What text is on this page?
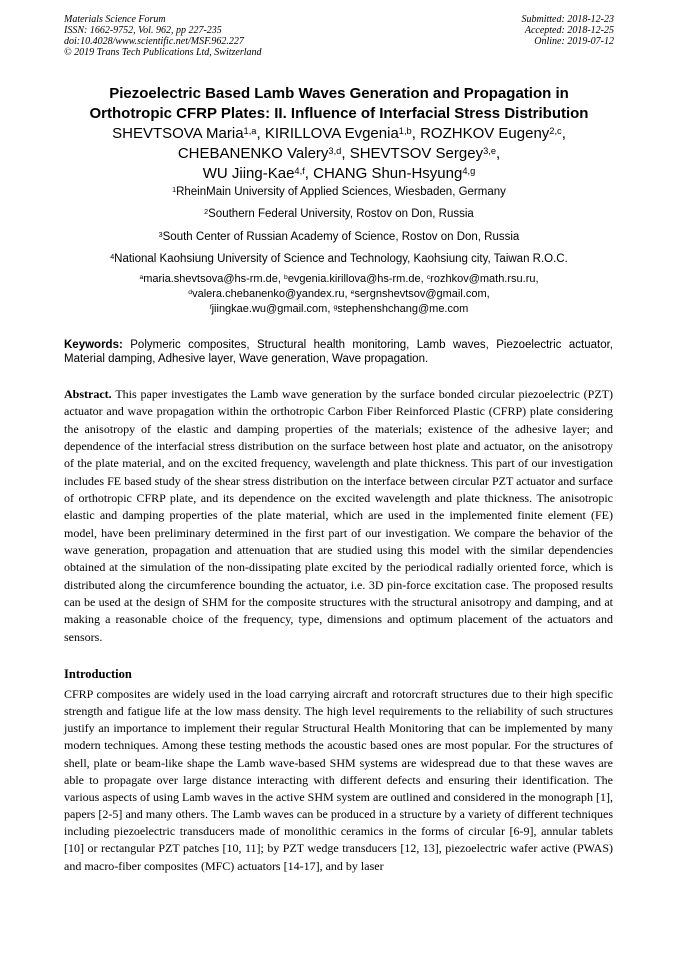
Materials Science Forum
ISSN: 1662-9752, Vol. 962, pp 227-235
doi:10.4028/www.scientific.net/MSF.962.227
© 2019 Trans Tech Publications Ltd, Switzerland
Submitted: 2018-12-23
Accepted: 2018-12-25
Online: 2019-07-12
Piezoelectric Based Lamb Waves Generation and Propagation in
Orthotropic CFRP Plates: II. Influence of Interfacial Stress Distribution
SHEVTSOVA Maria$^{1,a}$, KIRILLOVA Evgenia$^{1,b}$, ROZHKOV Eugeny$^{2,c}$,
CHEBANENKO Valery$^{3,d}$, SHEVTSOV Sergey$^{3,e}$,
WU Jiing-Kae$^{4,f}$, CHANG Shun-Hsyung$^{4,g}$
$^1$RheinMain University of Applied Sciences, Wiesbaden, Germany
$^2$Southern Federal University, Rostov on Don, Russia
$^3$South Center of Russian Academy of Science, Rostov on Don, Russia
$^4$National Kaohsiung University of Science and Technology, Kaohsiung city, Taiwan R.O.C.
$^a$maria.shevtsova@hs-rm.de, $^b$evgenia.kirillova@hs-rm.de, $^c$rozhkov@math.rsu.ru,
$^d$valera.chebanenko@yandex.ru, $^e$sergnshevtsov@gmail.com,
$^f$jiingkae.wu@gmail.com, $^g$stephenshchang@me.com
Keywords: Polymeric composites, Structural health monitoring, Lamb waves, Piezoelectric actuator, Material damping, Adhesive layer, Wave generation, Wave propagation.
Abstract. This paper investigates the Lamb wave generation by the surface bonded circular piezoelectric (PZT) actuator and wave propagation within the orthotropic Carbon Fiber Reinforced Plastic (CFRP) plate considering the anisotropy of the elastic and damping properties of the materials; existence of the adhesive layer; and dependence of the interfacial stress distribution on the surface between host plate and actuator, on the anisotropy of the plate material, and on the excited frequency, wavelength and plate thickness. This part of our investigation includes FE based study of the shear stress distribution on the interface between circular PZT actuator and surface of orthotropic CFRP plate, and its dependence on the excited wavelength and plate thickness. The anisotropic elastic and damping properties of the plate material, which are used in the implemented finite element (FE) model, have been preliminary determined in the first part of our investigation. We compare the behavior of the wave generation, propagation and attenuation that are studied using this model with the similar dependencies obtained at the simulation of the non-dissipating plate excited by the periodical radially oriented force, which is distributed along the circumference bounding the actuator, i.e. 3D pin-force excitation case. The proposed results can be used at the design of SHM for the composite structures with the structural anisotropy and damping, and at making a reasonable choice of the frequency, type, dimensions and optimum placement of the actuators and sensors.
Introduction
CFRP composites are widely used in the load carrying aircraft and rotorcraft structures due to their high specific strength and fatigue life at the low mass density. The high level requirements to the reliability of such structures justify an importance to implement their regular Structural Health Monitoring that can be implemented by many modern techniques. Among these testing methods the acoustic based ones are most popular. For the structures of shell, plate or beam-like shape the Lamb wave-based SHM systems are widespread due to that these waves are able to propagate over large distance interacting with different defects and ensuring their identification. The various aspects of using Lamb waves in the active SHM system are outlined and considered in the monograph [1], papers [2-5] and many others. The Lamb waves can be produced in a structure by a variety of different techniques including piezoelectric transducers made of monolithic ceramics in the forms of circular [6-9], annular tablets [10] or rectangular PZT patches [10, 11]; by PZT wedge transducers [12, 13], piezoelectric wafer active (PWAS) and macro-fiber composites (MFC) actuators [14-17], and by laser
